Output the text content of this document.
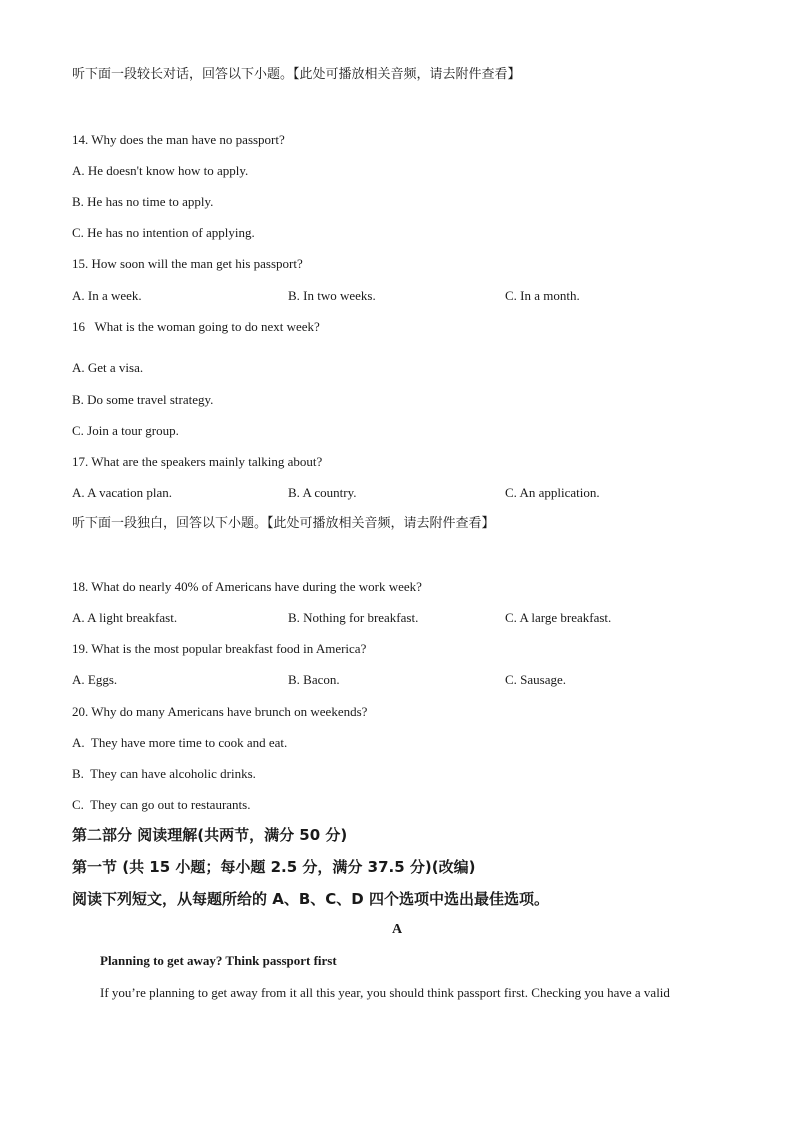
听下面一段较长对话，回答以下小题。【此处可播放相关音频，请去附件查看】
14. Why does the man have no passport?
A. He doesn't know how to apply.
B. He has no time to apply.
C. He has no intention of applying.
15. How soon will the man get his passport?
A. In a week.	B. In two weeks.	C. In a month.
16   What is the woman going to do next week?
A. Get a visa.
B. Do some travel strategy.
C. Join a tour group.
17. What are the speakers mainly talking about?
A. A vacation plan.	B. A country.	C. An application.
听下面一段独白，回答以下小题。【此处可播放相关音频，请去附件查看】
18. What do nearly 40% of Americans have during the work week?
A. A light breakfast.	B. Nothing for breakfast.	C. A large breakfast.
19. What is the most popular breakfast food in America?
A. Eggs.	B. Bacon.	C. Sausage.
20. Why do many Americans have brunch on weekends?
A.  They have more time to cook and eat.
B.  They can have alcoholic drinks.
C.  They can go out to restaurants.
第二部分 阅读理解(共两节，满分 50 分)
第一节 (共 15 小题；每小题 2.5 分，满分 37.5 分)(改编)
阅读下列短文，从每题所给的 A、B、C、D 四个选项中选出最佳选项。
A
Planning to get away? Think passport first
If you’re planning to get away from it all this year, you should think passport first. Checking you have a valid
